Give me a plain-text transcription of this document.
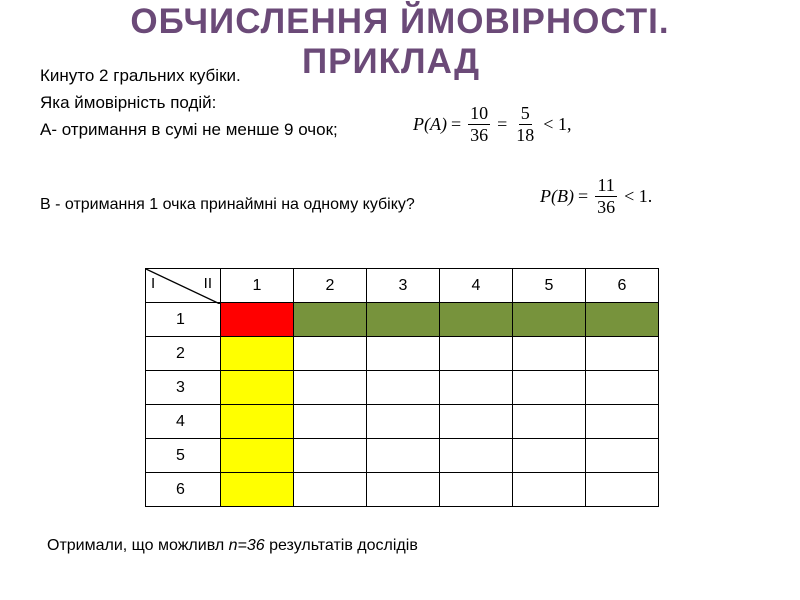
ОБЧИСЛЕННЯ ЙМОВІРНОСТІ.
ПРИКЛАД
Кинуто 2 гральних кубіки.
Яка ймовірність подій:
А- отримання в сумі не менше 9 очок;	$P(A) = \frac{10}{36} = \frac{5}{18} < 1$,
В - отримання 1 очка принаймні на одному кубіку?	$P(B) = \frac{11}{36} < 1$.
I II	1	2	3	4	5	6
1						
2						
3						
4						
5						
6						
Отримали, що можливл n=36 результатів дослідів
